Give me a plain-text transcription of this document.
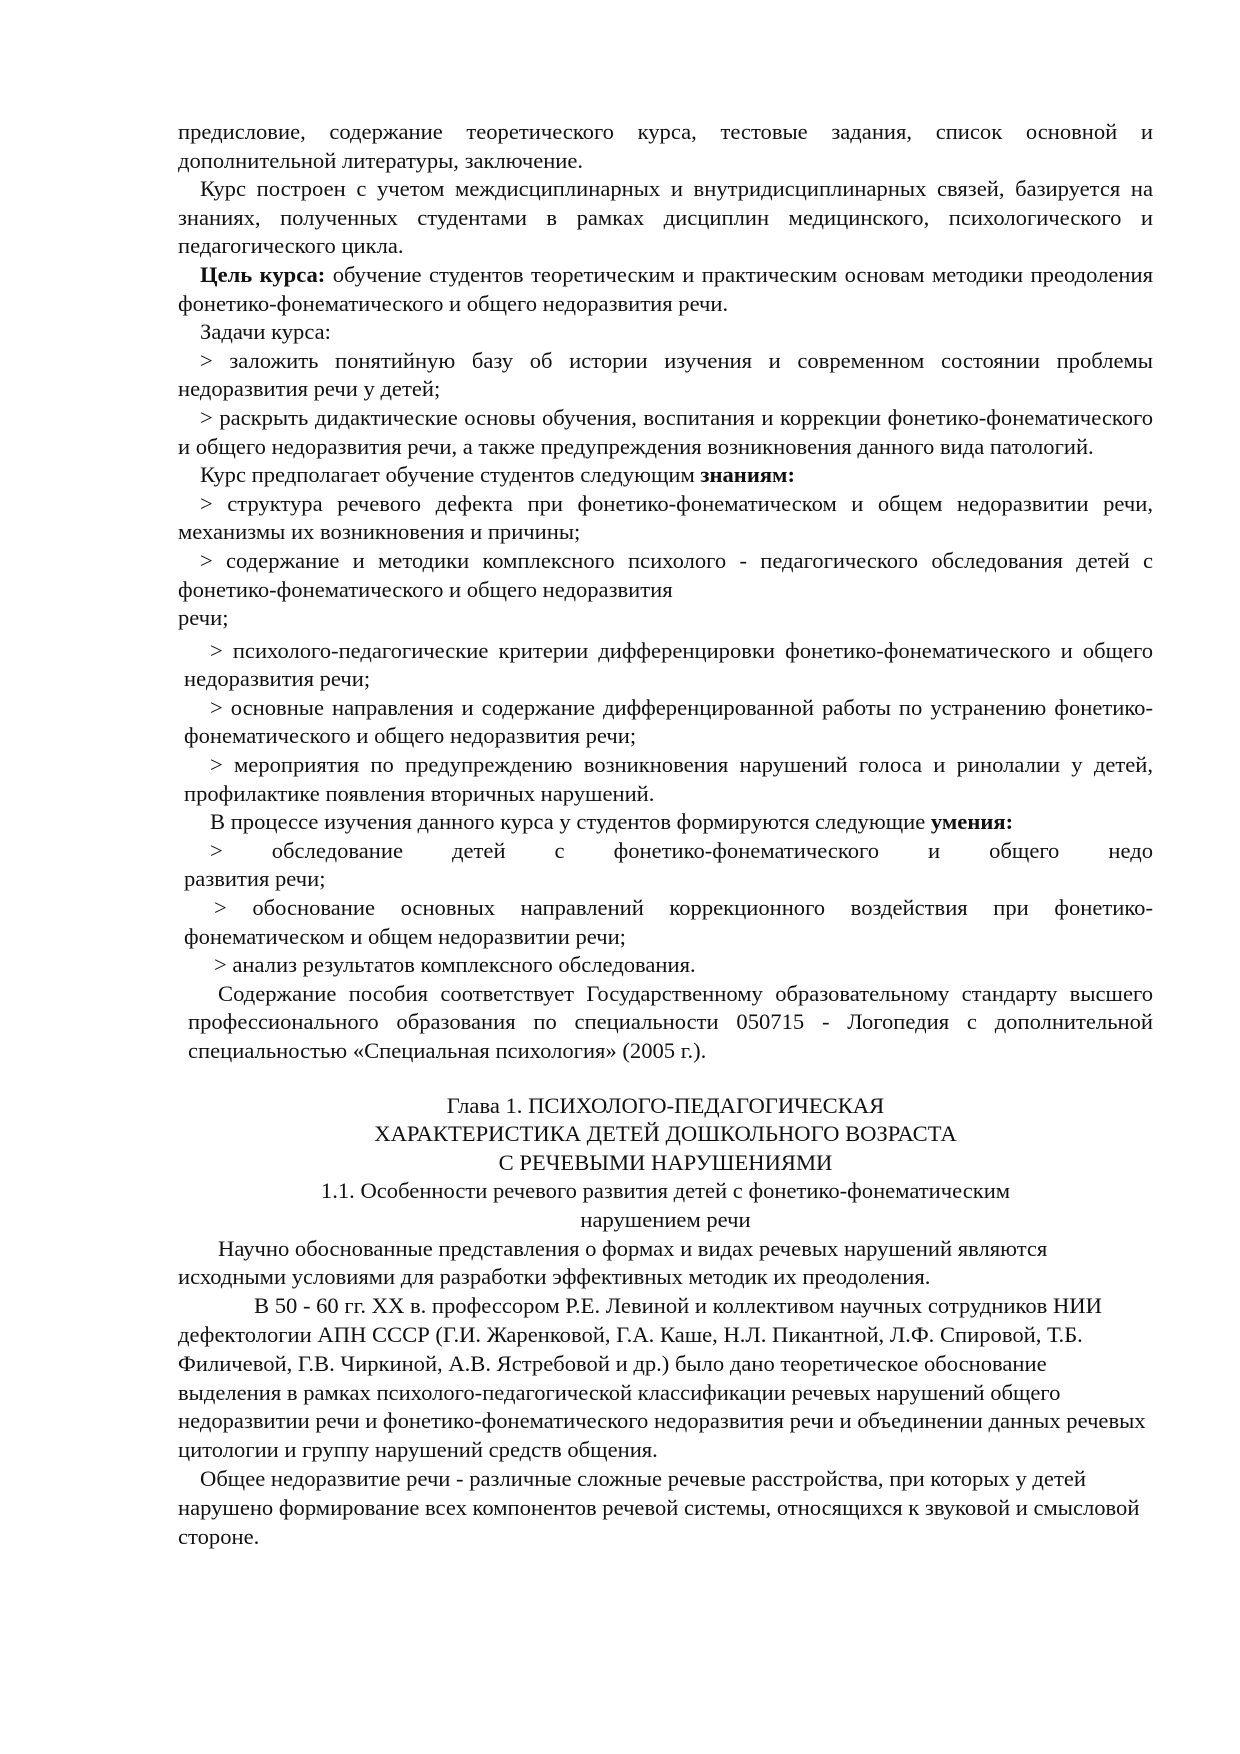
предисловие, содержание теоретического курса, тестовые задания, список основной и дополнительной литературы, заключение.

Курс построен с учетом междисциплинарных и внутридисциплинарных связей, базируется на знаниях, полученных студентами в рамках дисциплин медицинского, психологического и педагогического цикла.

Цель курса: обучение студентов теоретическим и практическим основам методики преодоления фонетико-фонематического и общего недоразвития речи.

Задачи курса:

> заложить понятийную базу об истории изучения и современном состоянии проблемы недоразвития речи у детей;

> раскрыть дидактические основы обучения, воспитания и коррекции фонетико-фонематического и общего недоразвития речи, а также предупреждения возникновения данного вида патологий.

Курс предполагает обучение студентов следующим знаниям:

> структура речевого дефекта при фонетико-фонематическом и общем недоразвитии речи, механизмы их возникновения и причины;

> содержание и методики комплексного психолого - педагогического обследования детей с фонетико-фонематического и общего недоразвития

речи;

> психолого-педагогические критерии дифференцировки фонетико-фонематического и общего недоразвития речи;

> основные направления и содержание дифференцированной работы по устранению фонетико-фонематического и общего недоразвития речи;

> мероприятия по предупреждению возникновения нарушений голоса и ринолалии у детей, профилактике появления вторичных нарушений.

В процессе изучения данного курса у студентов формируются следующие умения:

> обследование детей с фонетико-фонематического и общего недо

развития речи;

> обоснование основных направлений коррекционного воздействия при фонетико-фонематическом и общем недоразвитии речи;

> анализ результатов комплексного обследования.

Содержание пособия соответствует Государственному образовательному стандарту высшего профессионального образования по специальности 050715 - Логопедия с дополнительной специальностью «Специальная психология» (2005 г.).

Глава 1. ПСИХОЛОГО-ПЕДАГОГИЧЕСКАЯ

ХАРАКТЕРИСТИКА ДЕТЕЙ ДОШКОЛЬНОГО ВОЗРАСТА

С РЕЧЕВЫМИ НАРУШЕНИЯМИ

1.1. Особенности речевого развития детей с фонетико-фонематическим

нарушением речи

Научно обоснованные представления о формах и видах речевых нарушений являются исходными условиями для разработки эффективных методик их преодоления.

В 50 - 60 гг. XX в. профессором Р.Е. Левиной и коллективом научных сотрудников НИИ дефектологии АПН СССР (Г.И. Жаренковой, Г.А. Каше, Н.Л. Пикантной, Л.Ф. Спировой, Т.Б. Филичевой, Г.В. Чиркиной, А.В. Ястребовой и др.) было дано теоретическое обоснование выделения в рамках психолого-педагогической классификации речевых нарушений общего недоразвитии речи и фонетико-фонематического недоразвития речи и объединении данных речевых цитологии и группу нарушений средств общения.

Общее недоразвитие речи - различные сложные речевые расстройства, при которых у детей нарушено формирование всех компонентов речевой системы, относящихся к звуковой и смысловой стороне.
